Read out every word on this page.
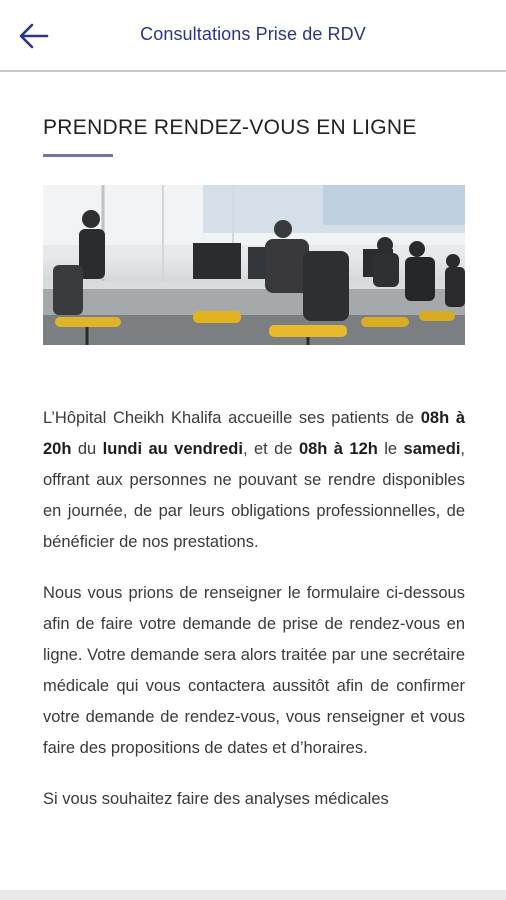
Consultations Prise de RDV
PRENDRE RENDEZ-VOUS EN LIGNE

L’Hôpital Cheikh Khalifa accueille ses patients de 08h à 20h du lundi au vendredi, et de 08h à 12h le samedi, offrant aux personnes ne pouvant se rendre disponibles en journée, de par leurs obligations professionnelles, de bénéficier de nos prestations.

Nous vous prions de renseigner le formulaire ci-dessous afin de faire votre demande de prise de rendez-vous en ligne. Votre demande sera alors traitée par une secrétaire médicale qui vous contactera aussitôt afin de confirmer votre demande de rendez-vous, vous renseigner et vous faire des propositions de dates et d’horaires.

Si vous souhaitez faire des analyses médicales
